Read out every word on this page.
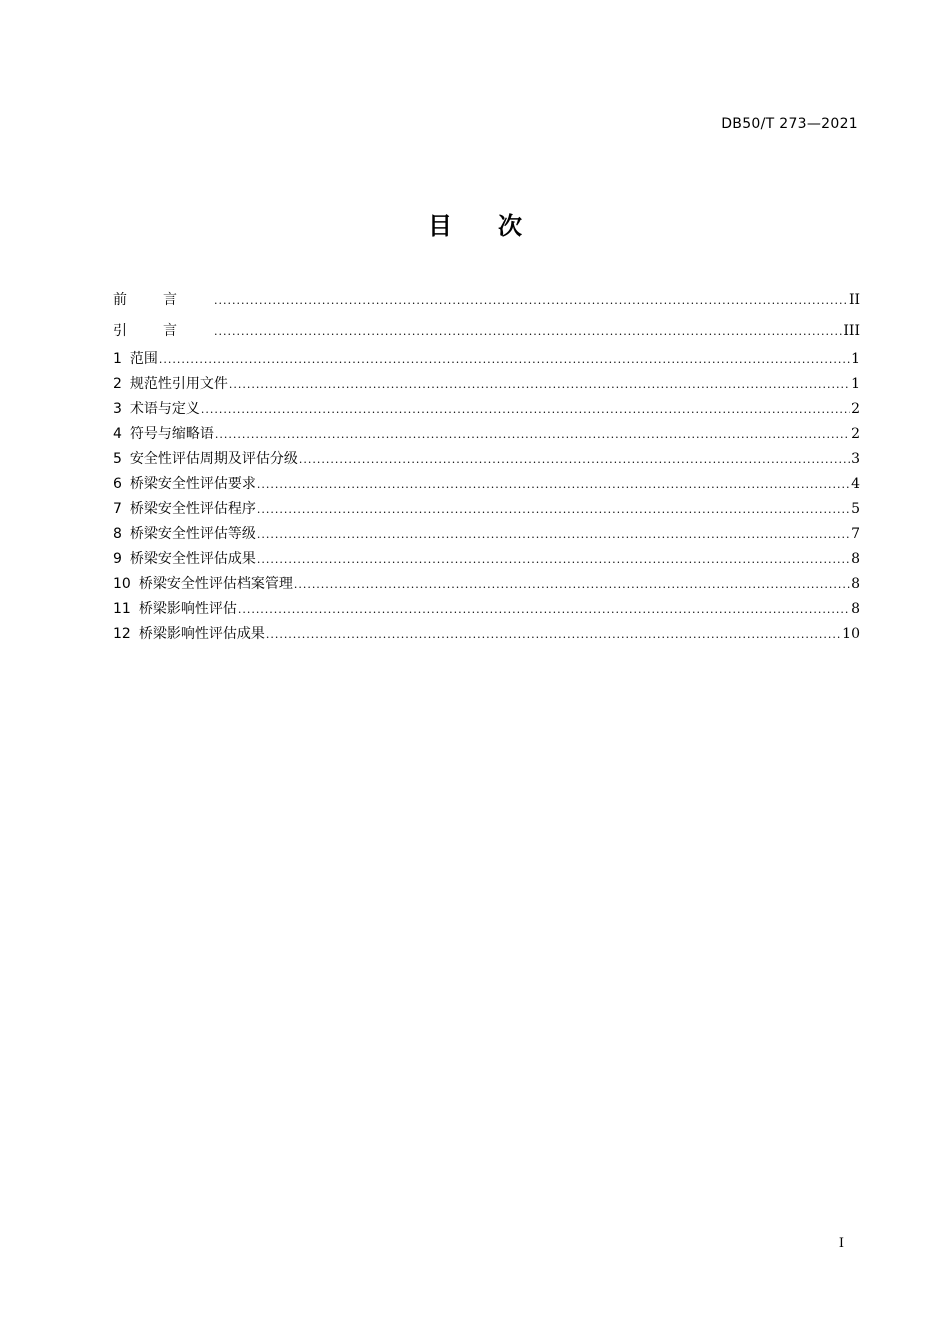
DB50/T 273—2021
目次
前言 .....	II
引言 .....	III
1 范围 .....	1
2 规范性引用文件 .....	1
3 术语与定义 .....	2
4 符号与缩略语 .....	2
5 安全性评估周期及评估分级 .....	3
6 桥梁安全性评估要求 .....	4
7 桥梁安全性评估程序 .....	5
8 桥梁安全性评估等级 .....	7
9 桥梁安全性评估成果 .....	8
10 桥梁安全性评估档案管理 .....	8
11 桥梁影响性评估 .....	8
12 桥梁影响性评估成果 .....	10
I
